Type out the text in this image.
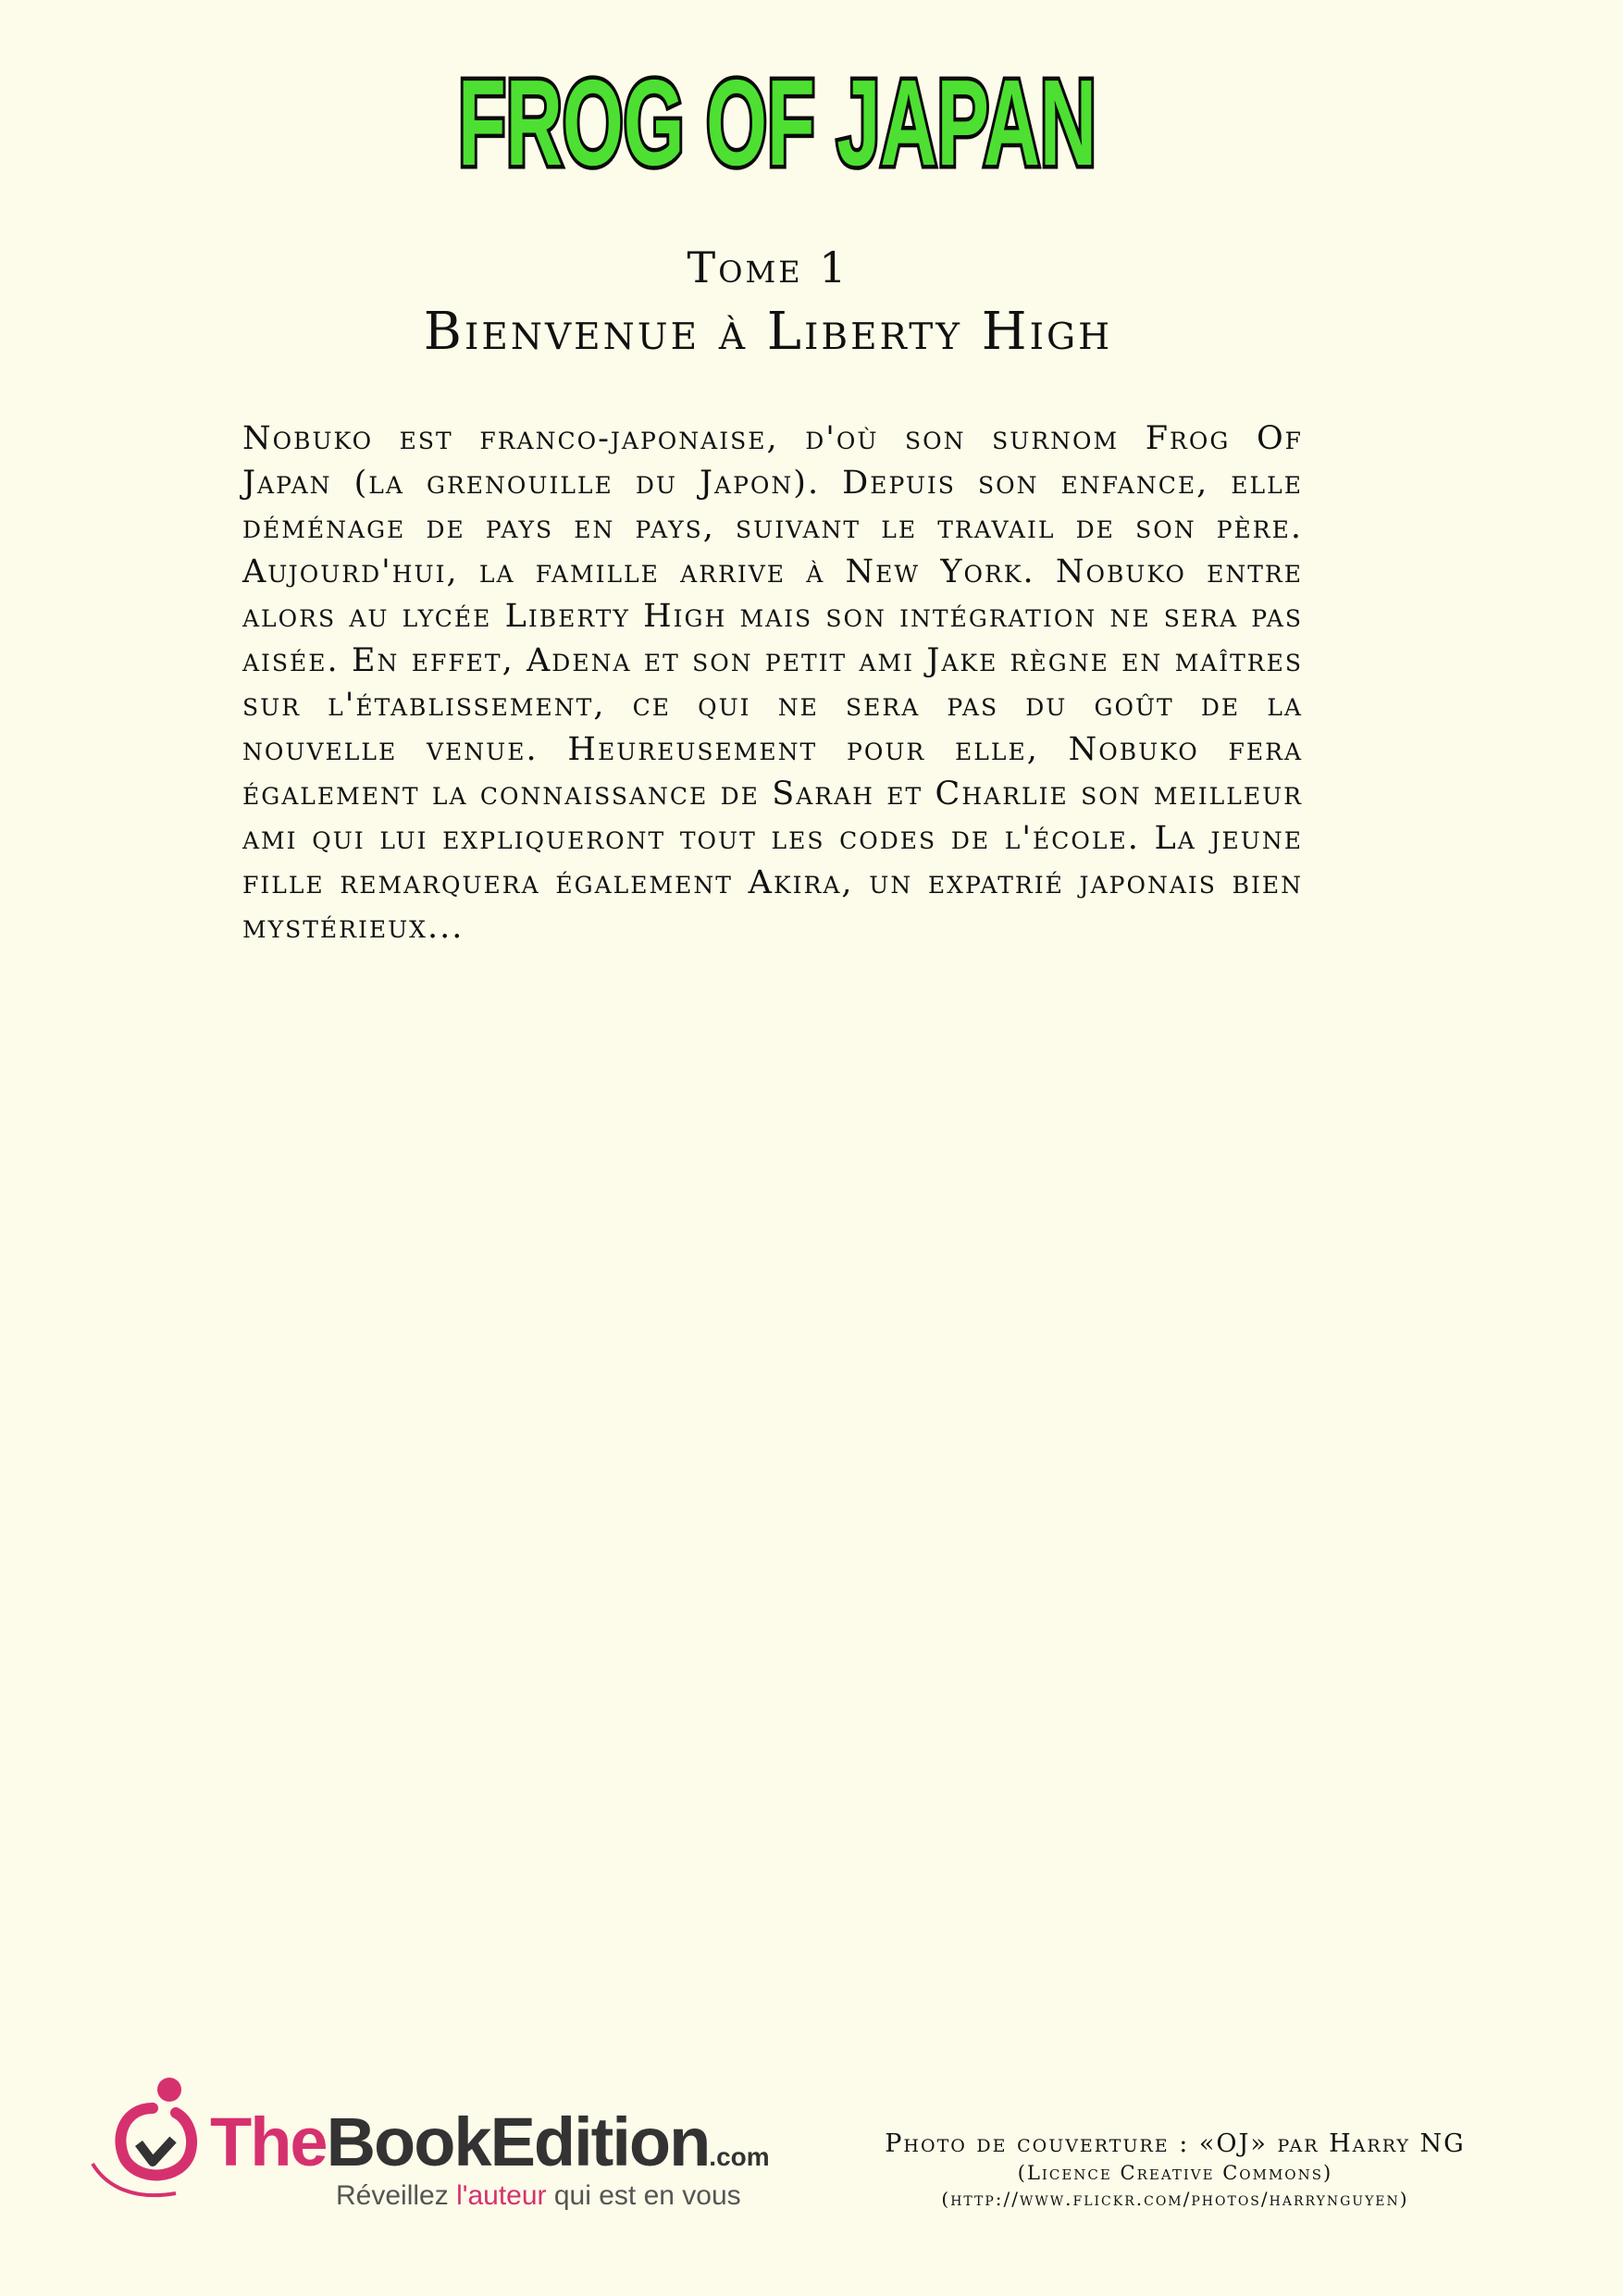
FROG OF JAPAN
Tome 1
Bienvenue à Liberty High

Nobuko est franco-japonaise, d'où son surnom Frog Of Japan (la grenouille du Japon). Depuis son enfance, elle déménage de pays en pays, suivant le travail de son père. Aujourd'hui, la famille arrive à New York. Nobuko entre alors au lycée Liberty High mais son intégration ne sera pas aisée. En effet, Adena et son petit ami Jake règne en maîtres sur l'établissement, ce qui ne sera pas du goût de la nouvelle venue. Heureusement pour elle, Nobuko fera également la connaissance de Sarah et Charlie son meilleur ami qui lui expliqueront tout les codes de l'école. La jeune fille remarquera également Akira, un expatrié japonais bien mystérieux...

TheBookEdition.com
Réveillez l'auteur qui est en vous
Photo de couverture : «OJ» par Harry NG
(Licence Creative Commons)
(http://www.flickr.com/photos/harrynguyen)
